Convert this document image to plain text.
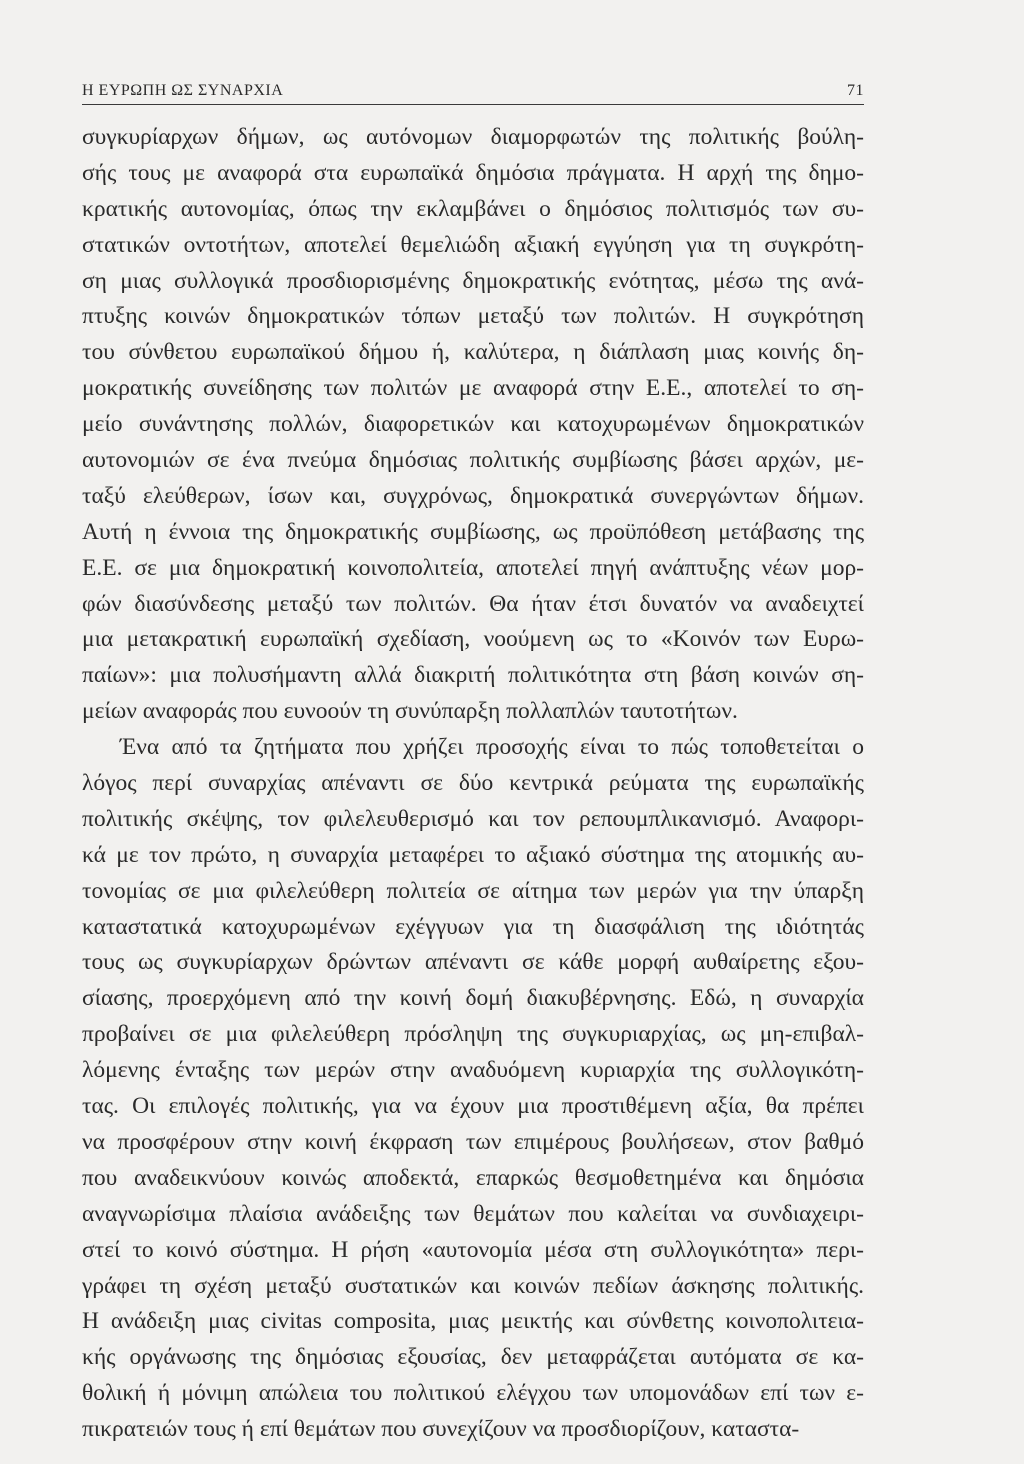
Η ΕΥΡΩΠΗ ΩΣ ΣΥΝΑΡΧΙΑ	71
συγκυρίαρχων δήμων, ως αυτόνομων διαμορφωτών της πολιτικής βούλη-
σής τους με αναφορά στα ευρωπαϊκά δημόσια πράγματα. Η αρχή της δημο-
κρατικής αυτονομίας, όπως την εκλαμβάνει ο δημόσιος πολιτισμός των συ-
στατικών οντοτήτων, αποτελεί θεμελιώδη αξιακή εγγύηση για τη συγκρότη-
ση μιας συλλογικά προσδιορισμένης δημοκρατικής ενότητας, μέσω της ανά-
πτυξης κοινών δημοκρατικών τόπων μεταξύ των πολιτών. Η συγκρότηση
του σύνθετου ευρωπαϊκού δήμου ή, καλύτερα, η διάπλαση μιας κοινής δη-
μοκρατικής συνείδησης των πολιτών με αναφορά στην Ε.Ε., αποτελεί το ση-
μείο συνάντησης πολλών, διαφορετικών και κατοχυρωμένων δημοκρατικών
αυτονομιών σε ένα πνεύμα δημόσιας πολιτικής συμβίωσης βάσει αρχών, με-
ταξύ ελεύθερων, ίσων και, συγχρόνως, δημοκρατικά συνεργώντων δήμων.
Αυτή η έννοια της δημοκρατικής συμβίωσης, ως προϋπόθεση μετάβασης της
Ε.Ε. σε μια δημοκρατική κοινοπολιτεία, αποτελεί πηγή ανάπτυξης νέων μορ-
φών διασύνδεσης μεταξύ των πολιτών. Θα ήταν έτσι δυνατόν να αναδειχτεί
μια μετακρατική ευρωπαϊκή σχεδίαση, νοούμενη ως το «Κοινόν των Ευρω-
παίων»: μια πολυσήμαντη αλλά διακριτή πολιτικότητα στη βάση κοινών ση-
μείων αναφοράς που ευνοούν τη συνύπαρξη πολλαπλών ταυτοτήτων.
Ένα από τα ζητήματα που χρήζει προσοχής είναι το πώς τοποθετείται ο
λόγος περί συναρχίας απέναντι σε δύο κεντρικά ρεύματα της ευρωπαϊκής
πολιτικής σκέψης, τον φιλελευθερισμό και τον ρεπουμπλικανισμό. Αναφορι-
κά με τον πρώτο, η συναρχία μεταφέρει το αξιακό σύστημα της ατομικής αυ-
τονομίας σε μια φιλελεύθερη πολιτεία σε αίτημα των μερών για την ύπαρξη
καταστατικά κατοχυρωμένων εχέγγυων για τη διασφάλιση της ιδιότητάς
τους ως συγκυρίαρχων δρώντων απέναντι σε κάθε μορφή αυθαίρετης εξου-
σίασης, προερχόμενη από την κοινή δομή διακυβέρνησης. Εδώ, η συναρχία
προβαίνει σε μια φιλελεύθερη πρόσληψη της συγκυριαρχίας, ως μη-επιβαλ-
λόμενης ένταξης των μερών στην αναδυόμενη κυριαρχία της συλλογικότη-
τας. Οι επιλογές πολιτικής, για να έχουν μια προστιθέμενη αξία, θα πρέπει
να προσφέρουν στην κοινή έκφραση των επιμέρους βουλήσεων, στον βαθμό
που αναδεικνύουν κοινώς αποδεκτά, επαρκώς θεσμοθετημένα και δημόσια
αναγνωρίσιμα πλαίσια ανάδειξης των θεμάτων που καλείται να συνδιαχειρι-
στεί το κοινό σύστημα. Η ρήση «αυτονομία μέσα στη συλλογικότητα» περι-
γράφει τη σχέση μεταξύ συστατικών και κοινών πεδίων άσκησης πολιτικής.
Η ανάδειξη μιας civitas composita, μιας μεικτής και σύνθετης κοινοπολιτεια-
κής οργάνωσης της δημόσιας εξουσίας, δεν μεταφράζεται αυτόματα σε κα-
θολική ή μόνιμη απώλεια του πολιτικού ελέγχου των υπομονάδων επί των ε-
πικρατειών τους ή επί θεμάτων που συνεχίζουν να προσδιορίζουν, καταστα-
